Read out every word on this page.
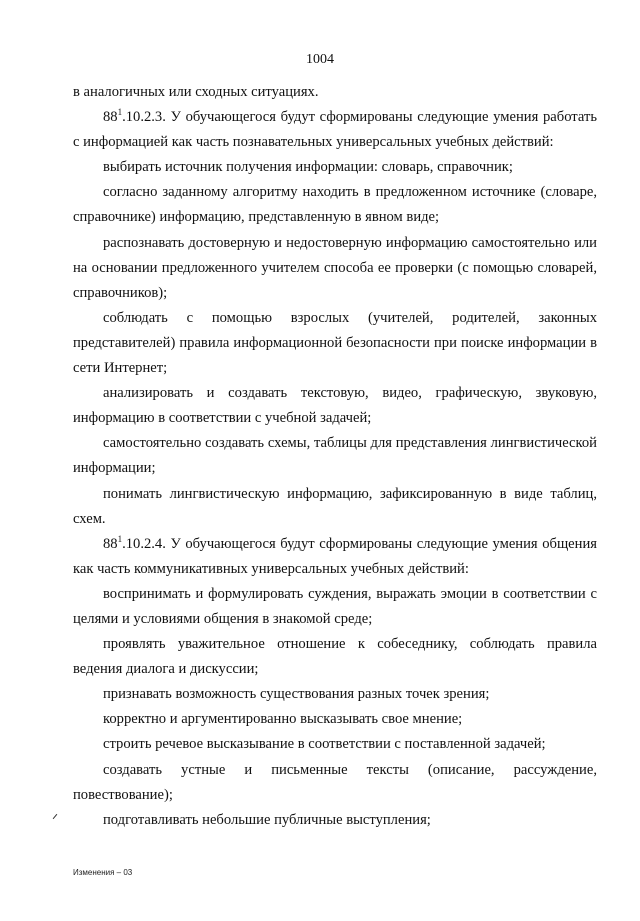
1004

в аналогичных или сходных ситуациях.

$88^1.10.2.3$. У обучающегося будут сформированы следующие умения работать с информацией как часть познавательных универсальных учебных действий:

выбирать источник получения информации: словарь, справочник;

согласно заданному алгоритму находить в предложенном источнике (словаре, справочнике) информацию, представленную в явном виде;

распознавать достоверную и недостоверную информацию самостоятельно или на основании предложенного учителем способа ее проверки (с помощью словарей, справочников);

соблюдать с помощью взрослых (учителей, родителей, законных представителей) правила информационной безопасности при поиске информации в сети Интернет;

анализировать и создавать текстовую, видео, графическую, звуковую, информацию в соответствии с учебной задачей;

самостоятельно создавать схемы, таблицы для представления лингвистической информации;

понимать лингвистическую информацию, зафиксированную в виде таблиц, схем.

$88^1.10.2.4$. У обучающегося будут сформированы следующие умения общения как часть коммуникативных универсальных учебных действий:

воспринимать и формулировать суждения, выражать эмоции в соответствии с целями и условиями общения в знакомой среде;

проявлять уважительное отношение к собеседнику, соблюдать правила ведения диалога и дискуссии;

признавать возможность существования разных точек зрения;

корректно и аргументированно высказывать свое мнение;

строить речевое высказывание в соответствии с поставленной задачей;

создавать устные и письменные тексты (описание, рассуждение, повествование);

подготавливать небольшие публичные выступления;

Изменения – 03
